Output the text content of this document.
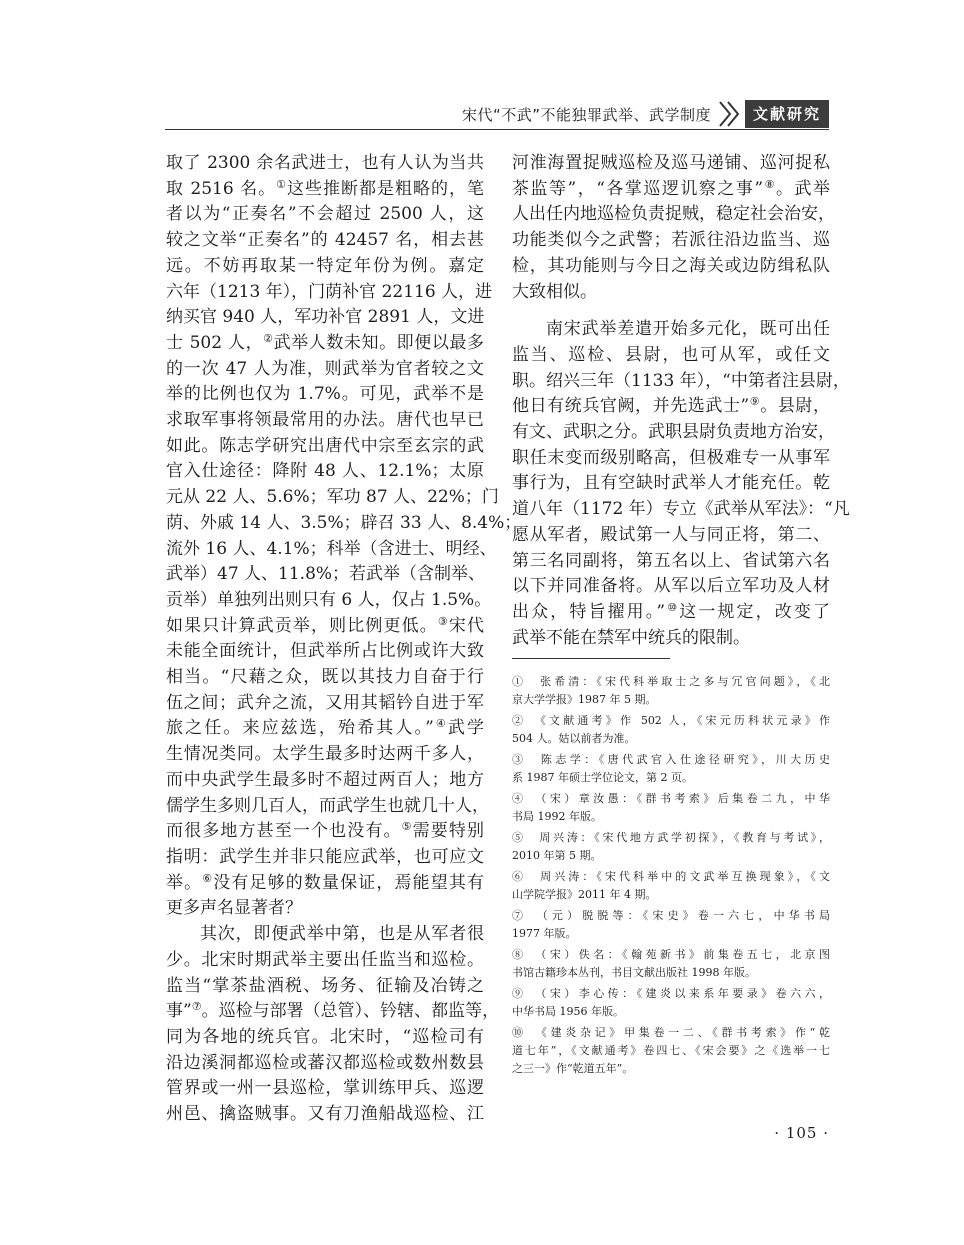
宋代“不武”不能独罪武举、武学制度	文献研究
取了 2300 余名武进士，也有人认为当共
取 2516 名。①这些推断都是粗略的，笔
者以为“正奏名”不会超过 2500 人，这
较之文举“正奏名”的 42457 名，相去甚
远。不妨再取某一特定年份为例。嘉定
六年（1213 年），门荫补官 22116 人，进
纳买官 940 人，军功补官 2891 人，文进
士 502 人，②武举人数未知。即便以最多
的一次 47 人为准，则武举为官者较之文
举的比例也仅为 1.7%。可见，武举不是
求取军事将领最常用的办法。唐代也早已
如此。陈志学研究出唐代中宗至玄宗的武
官入仕途径：降附 48 人、12.1%；太原
元从 22 人、5.6%；军功 87 人、22%；门
荫、外戚 14 人、3.5%；辟召 33 人、8.4%；
流外 16 人、4.1%；科举（含进士、明经、
武举）47 人、11.8%；若武举（含制举、
贡举）单独列出则只有 6 人，仅占 1.5%。
如果只计算武贡举，则比例更低。③宋代
未能全面统计，但武举所占比例或许大致
相当。“尺藉之众，既以其技力自奋于行
伍之间；武弁之流，又用其韬钤自进于军
旅之任。来应兹选，殆希其人。”④武学
生情况类同。太学生最多时达两千多人，
而中央武学生最多时不超过两百人；地方
儒学生多则几百人，而武学生也就几十人，
而很多地方甚至一个也没有。⑤需要特别
指明：武学生并非只能应武举，也可应文
举。⑥没有足够的数量保证，焉能望其有
更多声名显著者？
其次，即便武举中第，也是从军者很
少。北宋时期武举主要出任监当和巡检。
监当“掌茶盐酒税、场务、征输及冶铸之
事”⑦。巡检与部署（总管）、钤辖、都监等，
同为各地的统兵官。北宋时，“巡检司有
沿边溪洞都巡检或蕃汉都巡检或数州数县
管界或一州一县巡检，掌训练甲兵、巡逻
州邑、擒盗贼事。又有刀渔船战巡检、江
河淮海置捉贼巡检及巡马递铺、巡河捉私
茶监等”，“各掌巡逻讥察之事”⑧。武举
人出任内地巡检负责捉贼，稳定社会治安，
功能类似今之武警；若派往沿边监当、巡
检，其功能则与今日之海关或边防缉私队
大致相似。
南宋武举差遣开始多元化，既可出任
监当、巡检、县尉，也可从军，或任文
职。绍兴三年（1133 年），“中第者注县尉，
他日有统兵官阙，并先选武士”⑨。县尉，
有文、武职之分。武职县尉负责地方治安，
职任末变而级别略高，但极难专一从事军
事行为，且有空缺时武举人才能充任。乾
道八年（1172 年）专立《武举从军法》：“凡
愿从军者，殿试第一人与同正将，第二、
第三名同副将，第五名以上、省试第六名
以下并同准备将。从军以后立军功及人材
出众，特旨擢用。”⑩这一规定，改变了
武举不能在禁军中统兵的限制。
①　张希清：《宋代科举取士之多与冗官问题》，《北
京大学学报》1987 年 5 期。
②　《文献通考》作 502 人，《宋元历科状元录》作
504 人。姑以前者为准。
③　陈志学：《唐代武官入仕途径研究》，川大历史
系 1987 年硕士学位论文，第 2 页。
④　（宋）章汝愚：《群书考索》后集卷二九，中华
书局 1992 年版。
⑤　周兴涛：《宋代地方武学初探》，《教育与考试》，
2010 年第 5 期。
⑥　周兴涛：《宋代科举中的文武举互换现象》，《文
山学院学报》2011 年 4 期。
⑦　（元）脱脱等：《宋史》卷一六七，中华书局
1977 年版。
⑧　（宋）佚名：《翰苑新书》前集卷五七，北京图
书馆古籍珍本丛刊，书目文献出版社 1998 年版。
⑨　（宋）李心传：《建炎以来系年要录》卷六六，
中华书局 1956 年版。
⑩　《建炎杂记》甲集卷一二、《群书考索》作“乾
道七年”，《文献通考》卷四七、《宋会要》之《选举一七
之三一》作“乾道五年”。
· 105 ·
